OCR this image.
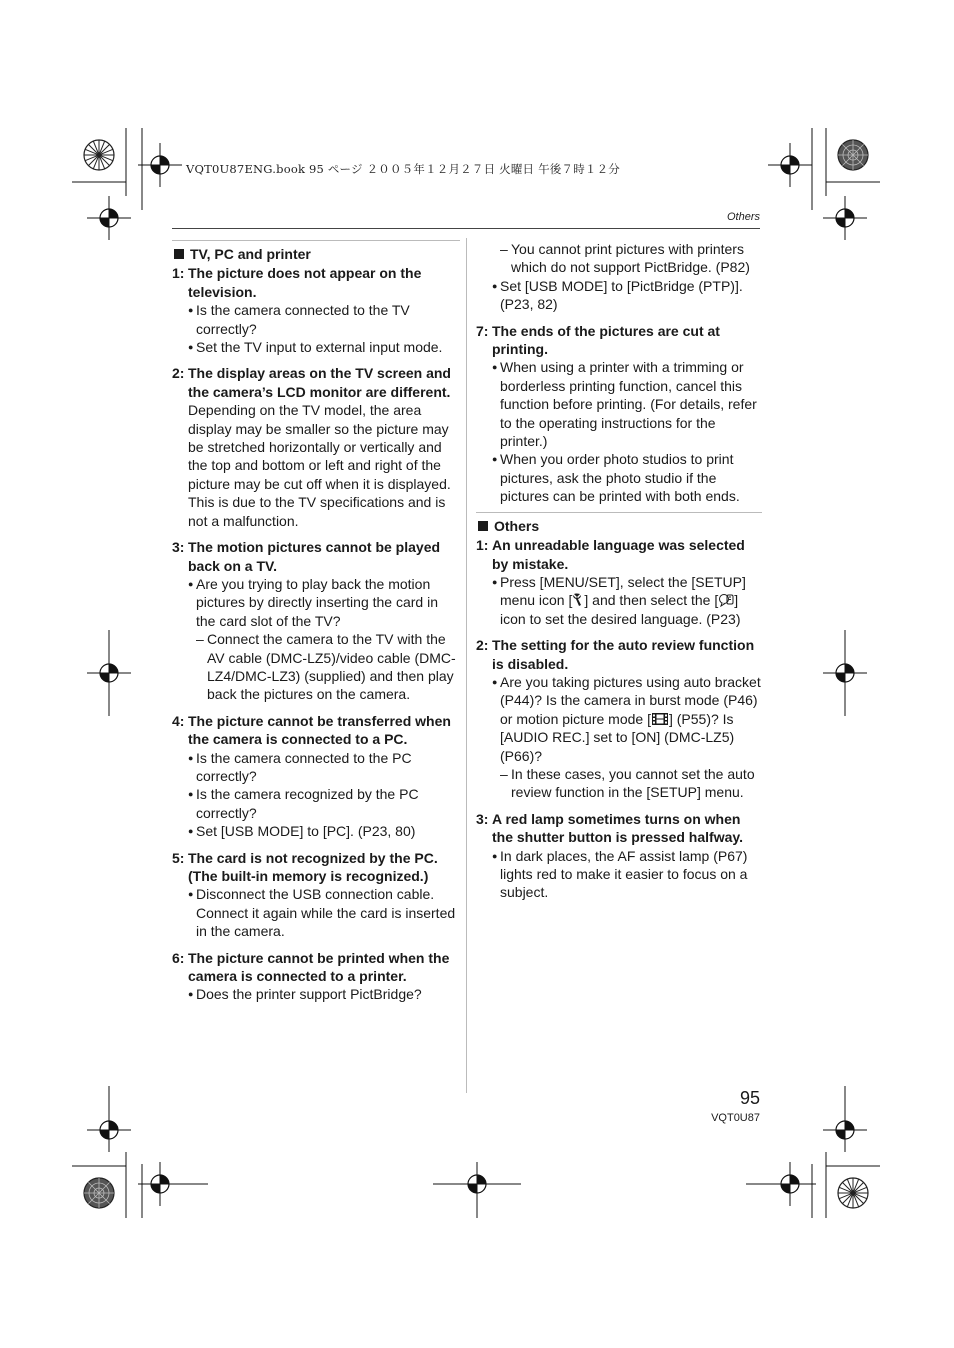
VQT0U87ENG.book 95 ページ ２００５年１２月２７日 火曜日 午後７時１２分
Others
TV, PC and printer
1: The picture does not appear on the television.
● Is the camera connected to the TV correctly?
● Set the TV input to external input mode.
2: The display areas on the TV screen and the camera’s LCD monitor are different.
Depending on the TV model, the area display may be smaller so the picture may be stretched horizontally or vertically and the top and bottom or left and right of the picture may be cut off when it is displayed. This is due to the TV specifications and is not a malfunction.
3: The motion pictures cannot be played back on a TV.
● Are you trying to play back the motion pictures by directly inserting the card in the card slot of the TV?
– Connect the camera to the TV with the AV cable (DMC-LZ5)/video cable (DMC-LZ4/DMC-LZ3) (supplied) and then play back the pictures on the camera.
4: The picture cannot be transferred when the camera is connected to a PC.
● Is the camera connected to the PC correctly?
● Is the camera recognized by the PC correctly?
● Set [USB MODE] to [PC]. (P23, 80)
5: The card is not recognized by the PC. (The built-in memory is recognized.)
● Disconnect the USB connection cable. Connect it again while the card is inserted in the camera.
6: The picture cannot be printed when the camera is connected to a printer.
● Does the printer support PictBridge?
– You cannot print pictures with printers which do not support PictBridge. (P82)
● Set [USB MODE] to [PictBridge (PTP)]. (P23, 82)
7: The ends of the pictures are cut at printing.
● When using a printer with a trimming or borderless printing function, cancel this function before printing. (For details, refer to the operating instructions for the printer.)
● When you order photo studios to print pictures, ask the photo studio if the pictures can be printed with both ends.
Others
1: An unreadable language was selected by mistake.
● Press [MENU/SET], select the [SETUP] menu icon [ ] and then select the [ ] icon to set the desired language. (P23)
2: The setting for the auto review function is disabled.
● Are you taking pictures using auto bracket (P44)? Is the camera in burst mode (P46) or motion picture mode [ ] (P55)? Is [AUDIO REC.] set to [ON] (DMC-LZ5) (P66)?
– In these cases, you cannot set the auto review function in the [SETUP] menu.
3: A red lamp sometimes turns on when the shutter button is pressed halfway.
● In dark places, the AF assist lamp (P67) lights red to make it easier to focus on a subject.
95
VQT0U87
